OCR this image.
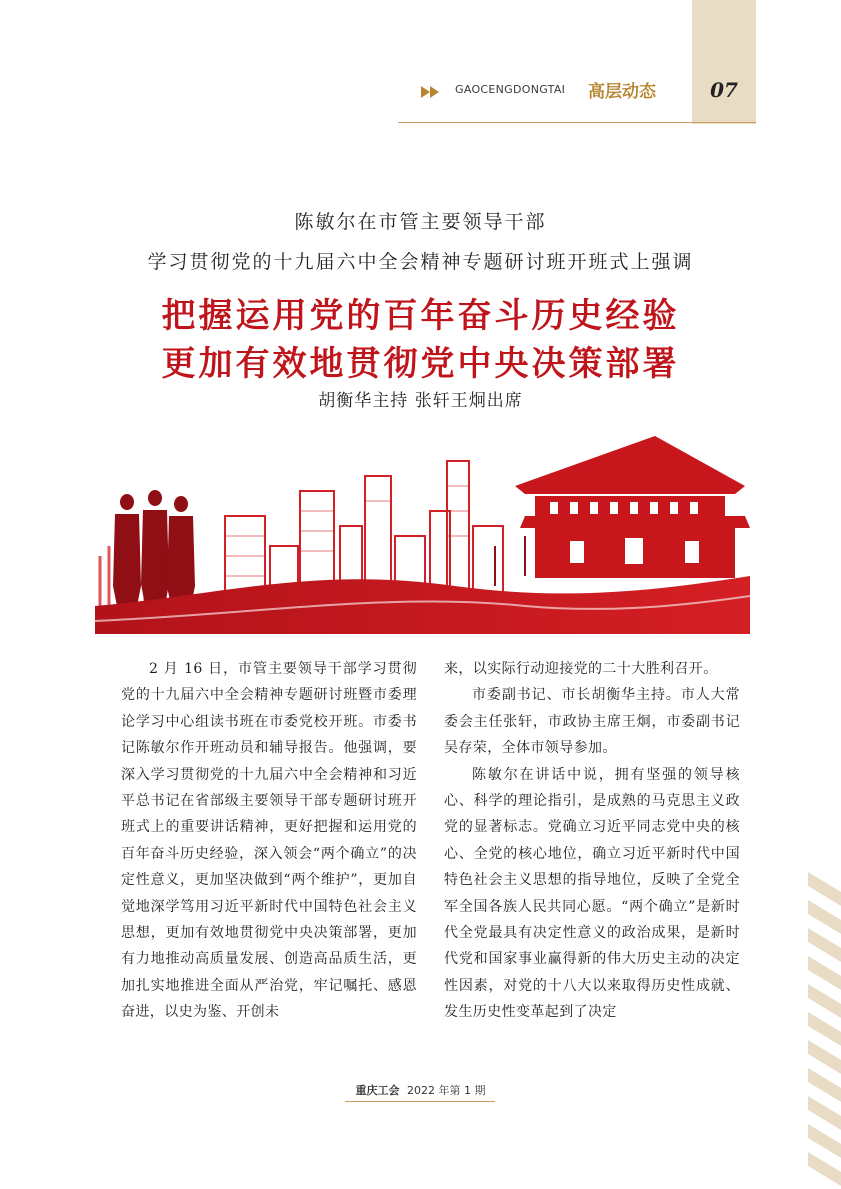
07
GAOCENGDONGTAI 高层动态
陈敏尔在市管主要领导干部
学习贯彻党的十九届六中全会精神专题研讨班开班式上强调
把握运用党的百年奋斗历史经验
更加有效地贯彻党中央决策部署
胡衡华主持 张轩王炯出席

2 月 16 日，市管主要领导干部学习贯彻党的十九届六中全会精神专题研讨班暨市委理论学习中心组读书班在市委党校开班。市委书记陈敏尔作开班动员和辅导报告。他强调，要深入学习贯彻党的十九届六中全会精神和习近平总书记在省部级主要领导干部专题研讨班开班式上的重要讲话精神，更好把握和运用党的百年奋斗历史经验，深入领会“两个确立”的决定性意义，更加坚决做到“两个维护”，更加自觉地深学笃用习近平新时代中国特色社会主义思想，更加有效地贯彻党中央决策部署，更加有力地推动高质量发展、创造高品质生活，更加扎实地推进全面从严治党，牢记嘱托、感恩奋进，以史为鉴、开创未

来，以实际行动迎接党的二十大胜利召开。

市委副书记、市长胡衡华主持。市人大常委会主任张轩，市政协主席王炯，市委副书记吴存荣，全体市领导参加。

陈敏尔在讲话中说，拥有坚强的领导核心、科学的理论指引，是成熟的马克思主义政党的显著标志。党确立习近平同志党中央的核心、全党的核心地位，确立习近平新时代中国特色社会主义思想的指导地位，反映了全党全军全国各族人民共同心愿。“两个确立”是新时代全党最具有决定性意义的政治成果，是新时代党和国家事业赢得新的伟大历史主动的决定性因素，对党的十八大以来取得历史性成就、发生历史性变革起到了决定

重庆工会 2022 年第 1 期
